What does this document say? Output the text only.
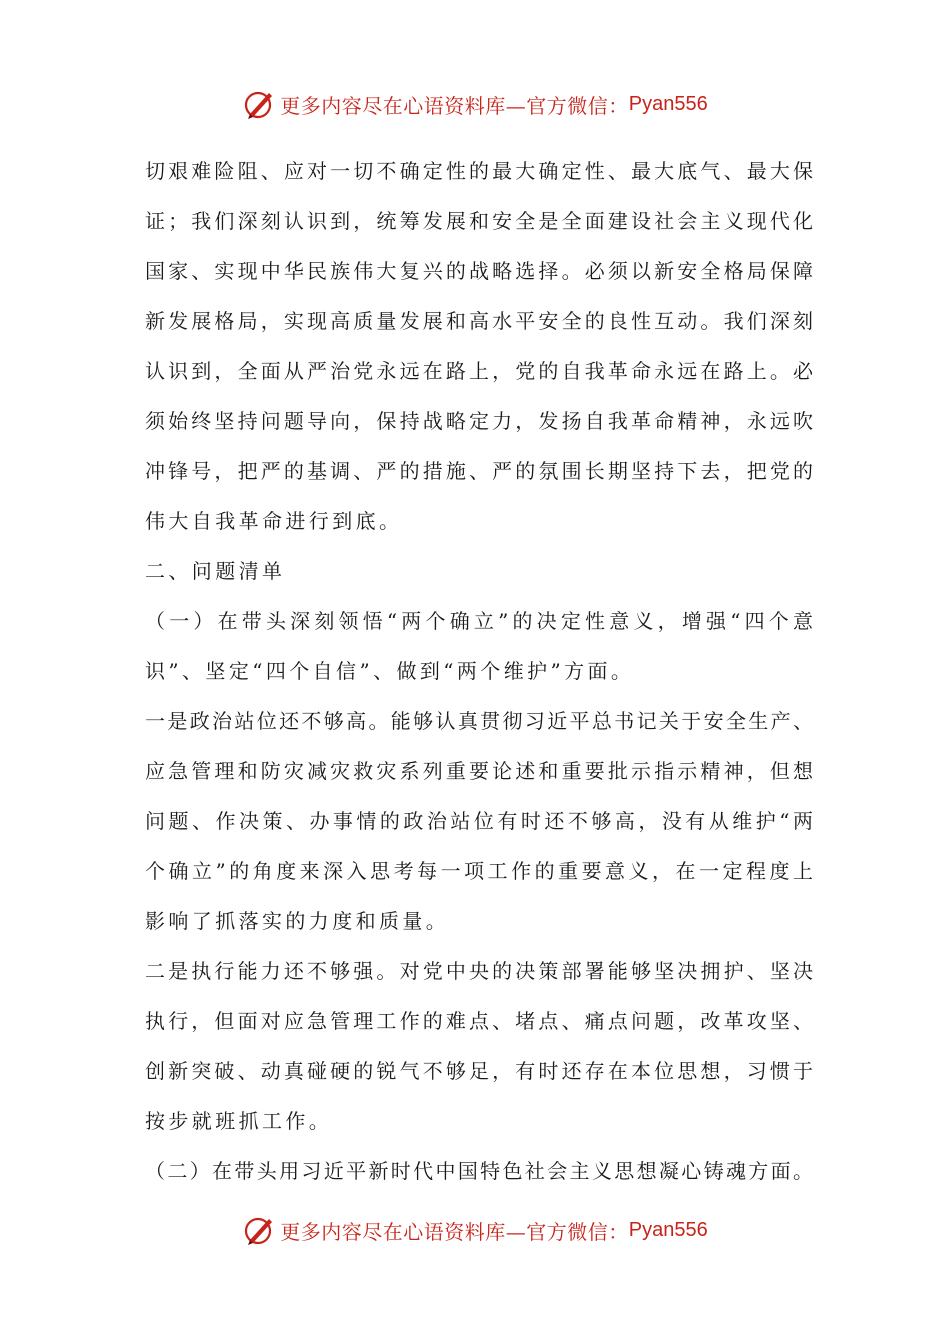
更多内容尽在心语资料库—官方微信： Pyan556
切艰难险阻、应对一切不确定性的最大确定性、最大底气、最大保
证；我们深刻认识到，统筹发展和安全是全面建设社会主义现代化
国家、实现中华民族伟大复兴的战略选择。必须以新安全格局保障
新发展格局，实现高质量发展和高水平安全的良性互动。我们深刻
认识到，全面从严治党永远在路上，党的自我革命永远在路上。必
须始终坚持问题导向，保持战略定力，发扬自我革命精神，永远吹
冲锋号，把严的基调、严的措施、严的氛围长期坚持下去，把党的
伟大自我革命进行到底。
二、问题清单
（一）在带头深刻领悟“两个确立”的决定性意义，增强“四个意
识”、坚定“四个自信”、做到“两个维护”方面。
一是政治站位还不够高。能够认真贯彻习近平总书记关于安全生产、
应急管理和防灾减灾救灾系列重要论述和重要批示指示精神，但想
问题、作决策、办事情的政治站位有时还不够高，没有从维护“两
个确立”的角度来深入思考每一项工作的重要意义，在一定程度上
影响了抓落实的力度和质量。
二是执行能力还不够强。对党中央的决策部署能够坚决拥护、坚决
执行，但面对应急管理工作的难点、堵点、痛点问题，改革攻坚、
创新突破、动真碰硬的锐气不够足，有时还存在本位思想，习惯于
按步就班抓工作。
（二）在带头用习近平新时代中国特色社会主义思想凝心铸魂方面。
更多内容尽在心语资料库—官方微信： Pyan556
